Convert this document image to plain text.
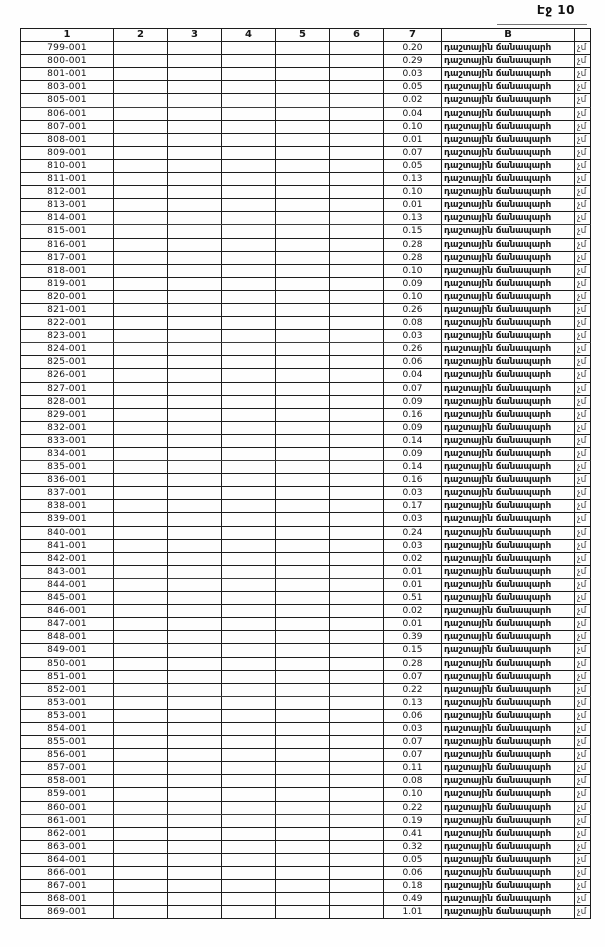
Էջ 10
1	2	3	4	5	6	7	B	
799-001						0.20	դաշտային ճանապարհ	չմ
800-001						0.29	դաշտային ճանապարհ	չմ
801-001						0.03	դաշտային ճանապարհ	չմ
803-001						0.05	դաշտային ճանապարհ	չմ
805-001						0.02	դաշտային ճանապարհ	չմ
806-001						0.04	դաշտային ճանապարհ	չմ
807-001						0.10	դաշտային ճանապարհ	չմ
808-001						0.01	դաշտային ճանապարհ	չմ
809-001						0.07	դաշտային ճանապարհ	չմ
810-001						0.05	դաշտային ճանապարհ	չմ
811-001						0.13	դաշտային ճանապարհ	չմ
812-001						0.10	դաշտային ճանապարհ	չմ
813-001						0.01	դաշտային ճանապարհ	չմ
814-001						0.13	դաշտային ճանապարհ	չմ
815-001						0.15	դաշտային ճանապարհ	չմ
816-001						0.28	դաշտային ճանապարհ	չմ
817-001						0.28	դաշտային ճանապարհ	չմ
818-001						0.10	դաշտային ճանապարհ	չմ
819-001						0.09	դաշտային ճանապարհ	չմ
820-001						0.10	դաշտային ճանապարհ	չմ
821-001						0.26	դաշտային ճանապարհ	չմ
822-001						0.08	դաշտային ճանապարհ	չմ
823-001						0.03	դաշտային ճանապարհ	չմ
824-001						0.26	դաշտային ճանապարհ	չմ
825-001						0.06	դաշտային ճանապարհ	չմ
826-001						0.04	դաշտային ճանապարհ	չմ
827-001						0.07	դաշտային ճանապարհ	չմ
828-001						0.09	դաշտային ճանապարհ	չմ
829-001						0.16	դաշտային ճանապարհ	չմ
832-001						0.09	դաշտային ճանապարհ	չմ
833-001						0.14	դաշտային ճանապարհ	չմ
834-001						0.09	դաշտային ճանապարհ	չմ
835-001						0.14	դաշտային ճանապարհ	չմ
836-001						0.16	դաշտային ճանապարհ	չմ
837-001						0.03	դաշտային ճանապարհ	չմ
838-001						0.17	դաշտային ճանապարհ	չմ
839-001						0.03	դաշտային ճանապարհ	չմ
840-001						0.24	դաշտային ճանապարհ	չմ
841-001						0.03	դաշտային ճանապարհ	չմ
842-001						0.02	դաշտային ճանապարհ	չմ
843-001						0.01	դաշտային ճանապարհ	չմ
844-001						0.01	դաշտային ճանապարհ	չմ
845-001						0.51	դաշտային ճանապարհ	չմ
846-001						0.02	դաշտային ճանապարհ	չմ
847-001						0.01	դաշտային ճանապարհ	չմ
848-001						0.39	դաշտային ճանապարհ	չմ
849-001						0.15	դաշտային ճանապարհ	չմ
850-001						0.28	դաշտային ճանապարհ	չմ
851-001						0.07	դաշտային ճանապարհ	չմ
852-001						0.22	դաշտային ճանապարհ	չմ
853-001						0.13	դաշտային ճանապարհ	չմ
853-001						0.06	դաշտային ճանապարհ	չմ
854-001						0.03	դաշտային ճանապարհ	չմ
855-001						0.07	դաշտային ճանապարհ	չմ
856-001						0.07	դաշտային ճանապարհ	չմ
857-001						0.11	դաշտային ճանապարհ	չմ
858-001						0.08	դաշտային ճանապարհ	չմ
859-001						0.10	դաշտային ճանապարհ	չմ
860-001						0.22	դաշտային ճանապարհ	չմ
861-001						0.19	դաշտային ճանապարհ	չմ
862-001						0.41	դաշտային ճանապարհ	չմ
863-001						0.32	դաշտային ճանապարհ	չմ
864-001						0.05	դաշտային ճանապարհ	չմ
866-001						0.06	դաշտային ճանապարհ	չմ
867-001						0.18	դաշտային ճանապարհ	չմ
868-001						0.49	դաշտային ճանապարհ	չմ
869-001						1.01	դաշտային ճանապարհ	չմ
